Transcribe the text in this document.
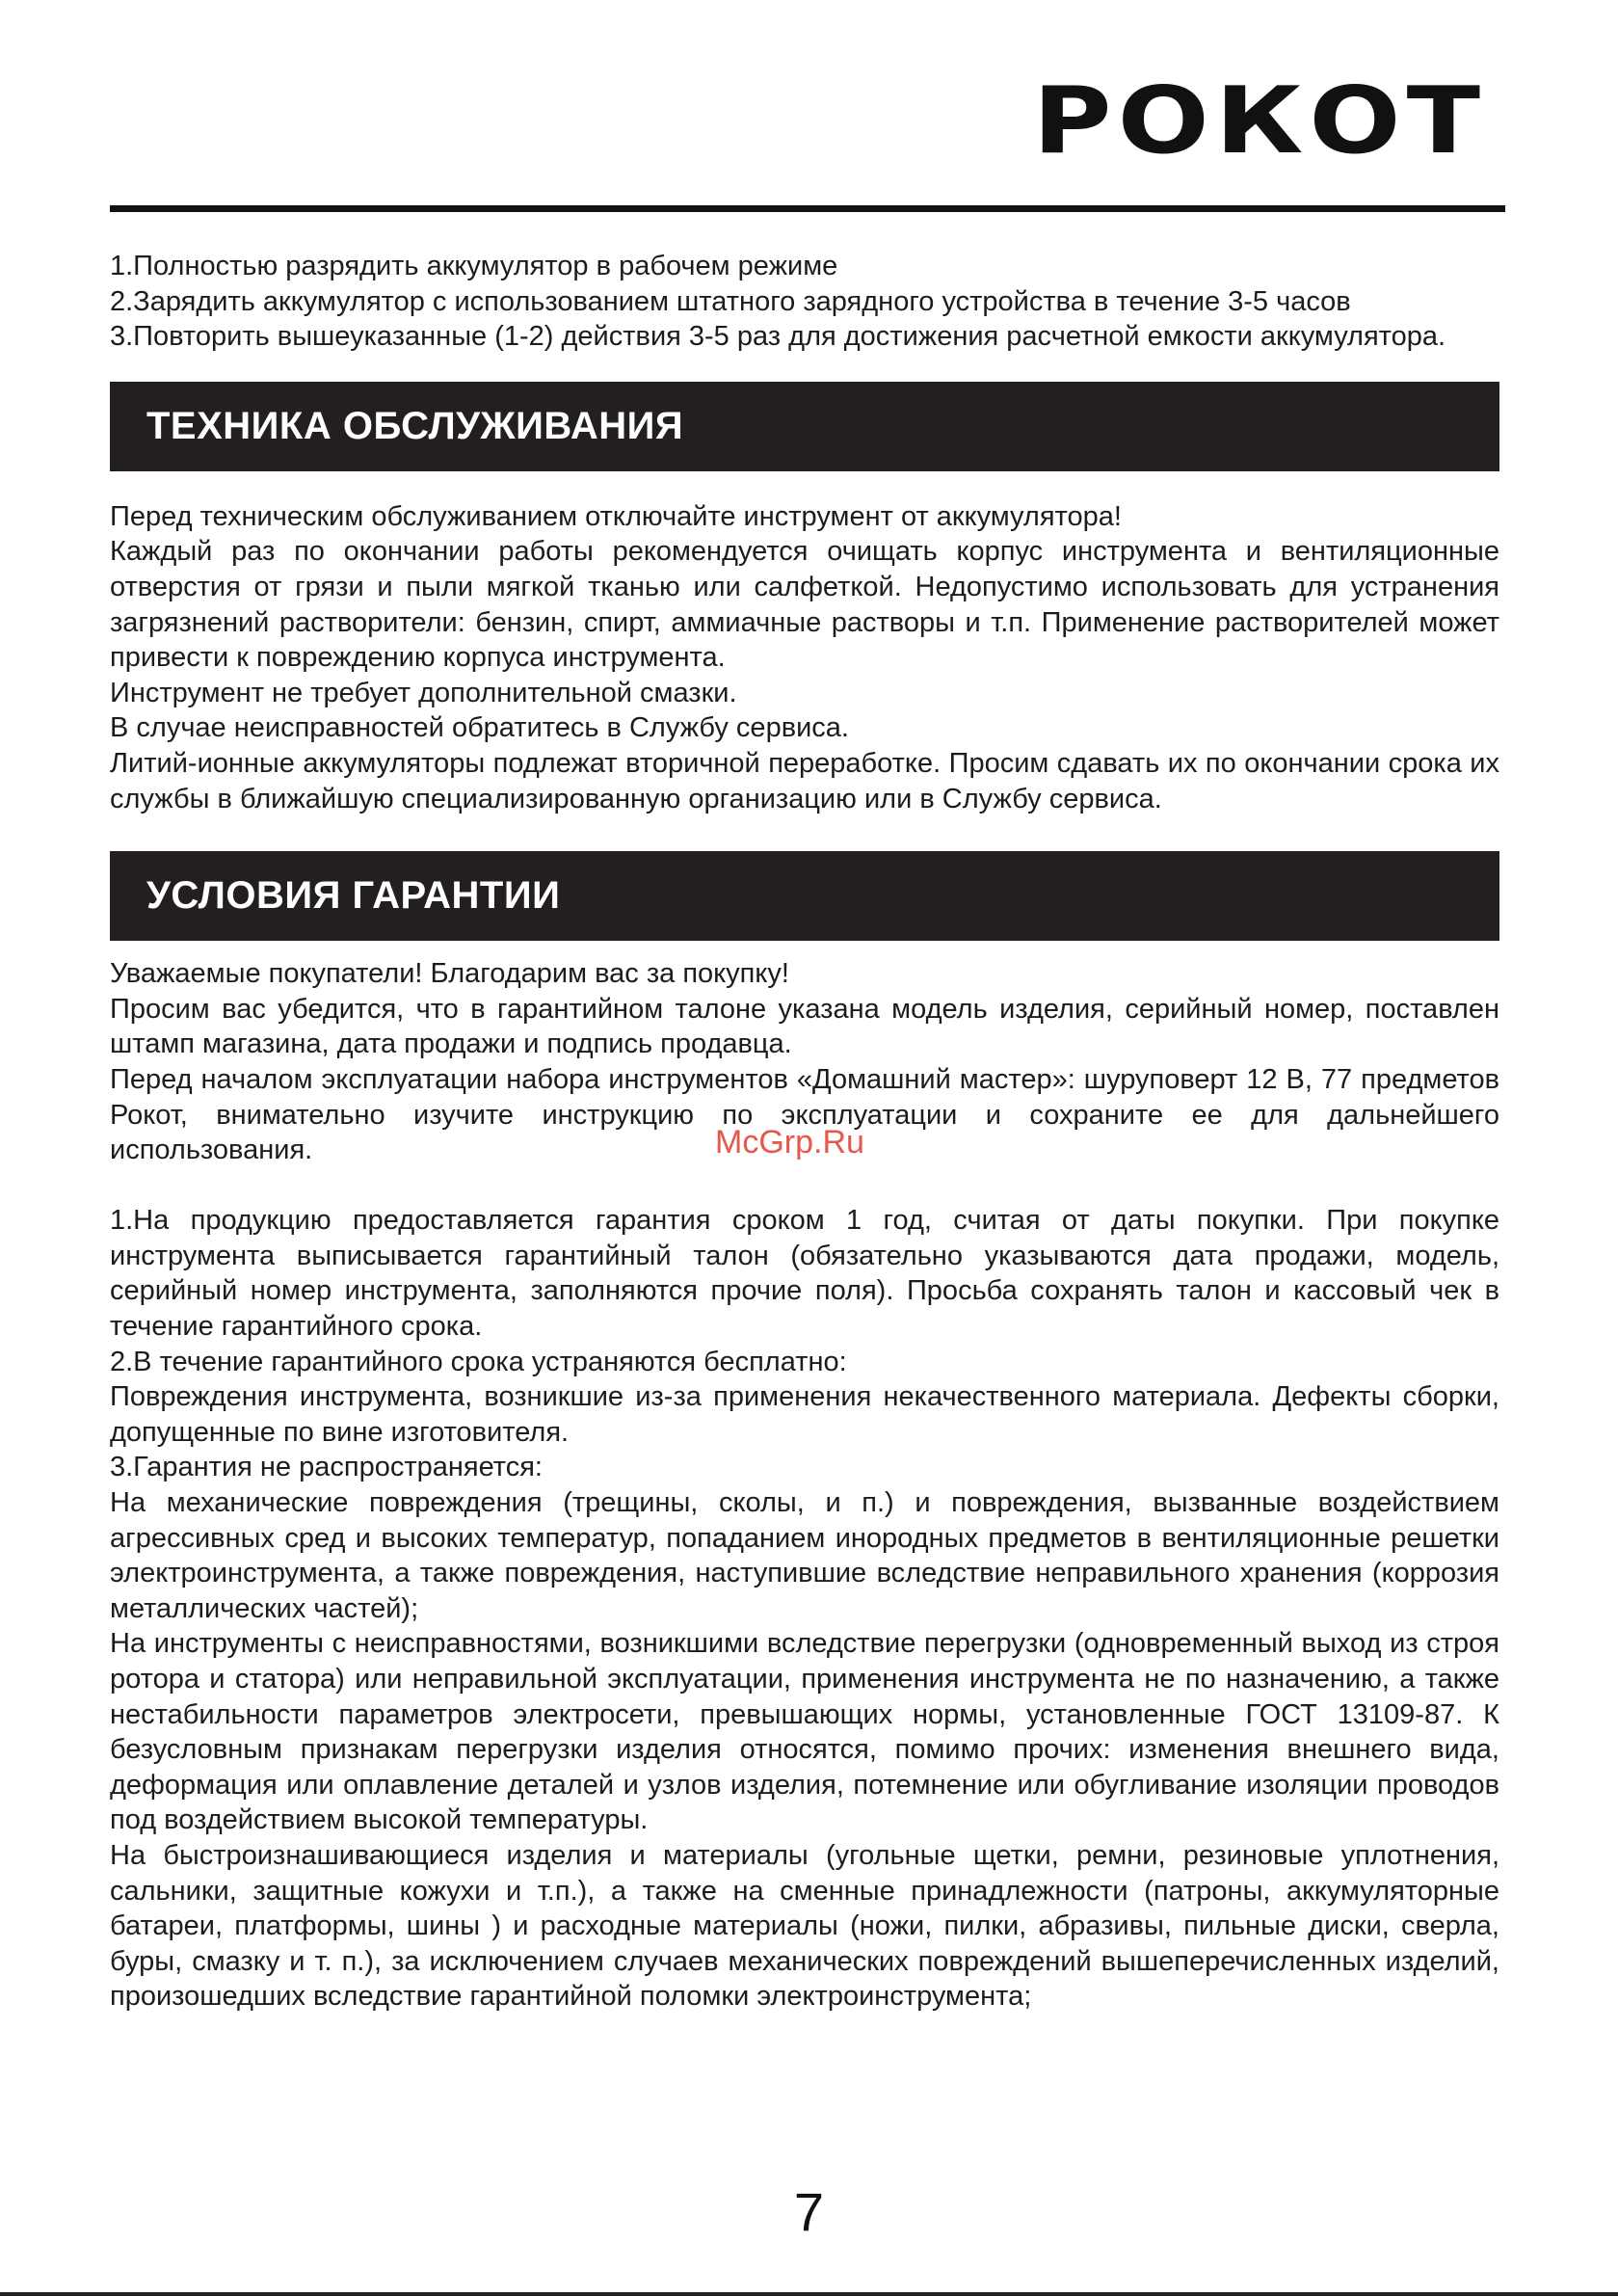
РОКОТ

1.Полностью разрядить аккумулятор в рабочем режиме

2.Зарядить аккумулятор с использованием штатного зарядного устройства в течение 3-5 часов

3.Повторить вышеуказанные (1-2) действия 3-5 раз для достижения расчетной емкости аккумулятора.

ТЕХНИКА ОБСЛУЖИВАНИЯ

Перед техническим обслуживанием отключайте инструмент от аккумулятора!

Каждый раз по окончании работы рекомендуется очищать корпус инструмента и вентиляционные отверстия от грязи и пыли мягкой тканью или салфеткой. Недопустимо использовать для устранения загрязнений растворители: бензин, спирт, аммиачные растворы и т.п. Применение растворителей может привести к повреждению корпуса инструмента.

Инструмент не требует дополнительной смазки.

В случае неисправностей обратитесь в Службу сервиса.

Литий-ионные аккумуляторы подлежат вторичной переработке. Просим сдавать их по окончании срока их службы в ближайшую специализированную организацию или в Службу сервиса.

УСЛОВИЯ ГАРАНТИИ

Уважаемые покупатели! Благодарим вас за покупку!

Просим вас убедится, что в гарантийном талоне указана модель изделия, серийный номер, поставлен штамп магазина, дата продажи и подпись продавца.

Перед началом эксплуатации набора инструментов «Домашний мастер»: шуруповерт 12 В, 77 предметов Рокот, внимательно изучите инструкцию по эксплуатации и сохраните ее для дальнейшего использования.

1.На продукцию предоставляется гарантия сроком 1 год, считая от даты покупки. При покупке инструмента выписывается гарантийный талон (обязательно указываются дата продажи, модель, серийный номер инструмента, заполняются прочие поля). Просьба сохранять талон и кассовый чек в течение гарантийного срока.

2.В течение гарантийного срока устраняются бесплатно:

Повреждения инструмента, возникшие из-за применения некачественного материала. Дефекты сборки, допущенные по вине изготовителя.

3.Гарантия не распространяется:

На механические повреждения (трещины, сколы, и п.) и повреждения, вызванные воздействием агрессивных сред и высоких температур, попаданием инородных предметов в вентиляционные решетки электроинструмента, а также повреждения, наступившие вследствие неправильного хранения (коррозия металлических частей);

На инструменты с неисправностями, возникшими вследствие перегрузки (одновременный выход из строя ротора и статора) или неправильной эксплуатации, применения инструмента не по назначению, а также нестабильности параметров электросети, превышающих нормы, установленные ГОСТ 13109-87. К безусловным признакам перегрузки изделия относятся, помимо прочих: изменения внешнего вида, деформация или оплавление деталей и узлов изделия, потемнение или обугливание изоляции проводов под воздействием высокой температуры.

На быстроизнашивающиеся изделия и материалы (угольные щетки, ремни, резиновые уплотнения, сальники, защитные кожухи и т.п.), а также на сменные принадлежности (патроны, аккумуляторные батареи, платформы, шины ) и расходные материалы (ножи, пилки, абразивы, пильные диски, сверла, буры, смазку и т. п.), за исключением случаев механических повреждений вышеперечисленных изделий, произошедших вследствие гарантийной поломки электроинструмента;

McGrp.Ru
7
